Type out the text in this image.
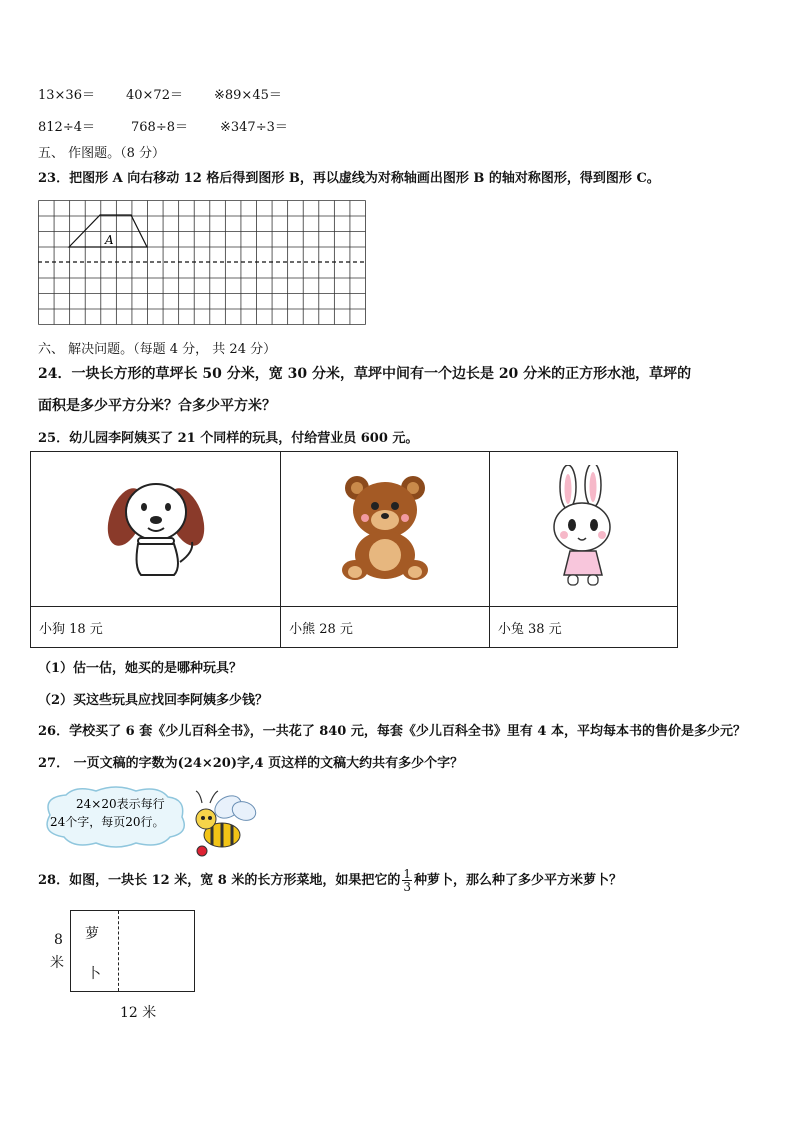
13×36＝ 40×72＝ ※89×45＝
812÷4＝	768÷8＝ ※347÷3＝
五、 作图题。（8 分）
23．把图形 A 向右移动 12 格后得到图形 B，再以虚线为对称轴画出图形 B 的轴对称图形，得到图形 C。
A
六、 解决问题。（每题 4 分， 共 24 分）
24．一块长方形的草坪长 50 分米，宽 30 分米，草坪中间有一个边长是 20 分米的正方形水池，草坪的
面积是多少平方分米？合多少平方米？
25．幼儿园李阿姨买了 21 个同样的玩具，付给营业员 600 元。

小狗 18 元	小熊 28 元	小兔 38 元
（1）估一估，她买的是哪种玩具？
（2）买这些玩具应找回李阿姨多少钱？
26．学校买了 6 套《少儿百科全书》，一共花了 840 元，每套《少儿百科全书》里有 4 本，平均每本书的售价是多少元？
27． 一页文稿的字数为(24×20)字,4 页这样的文稿大约共有多少个字？
24×20表示每行
24个字，每页20行。
28．如图，一块长 12 米，宽 8 米的长方形菜地，如果把它的 $\frac{1}{3}$ 种萝卜，那么种了多少平方米萝卜？
萝
卜
8
米
12 米
